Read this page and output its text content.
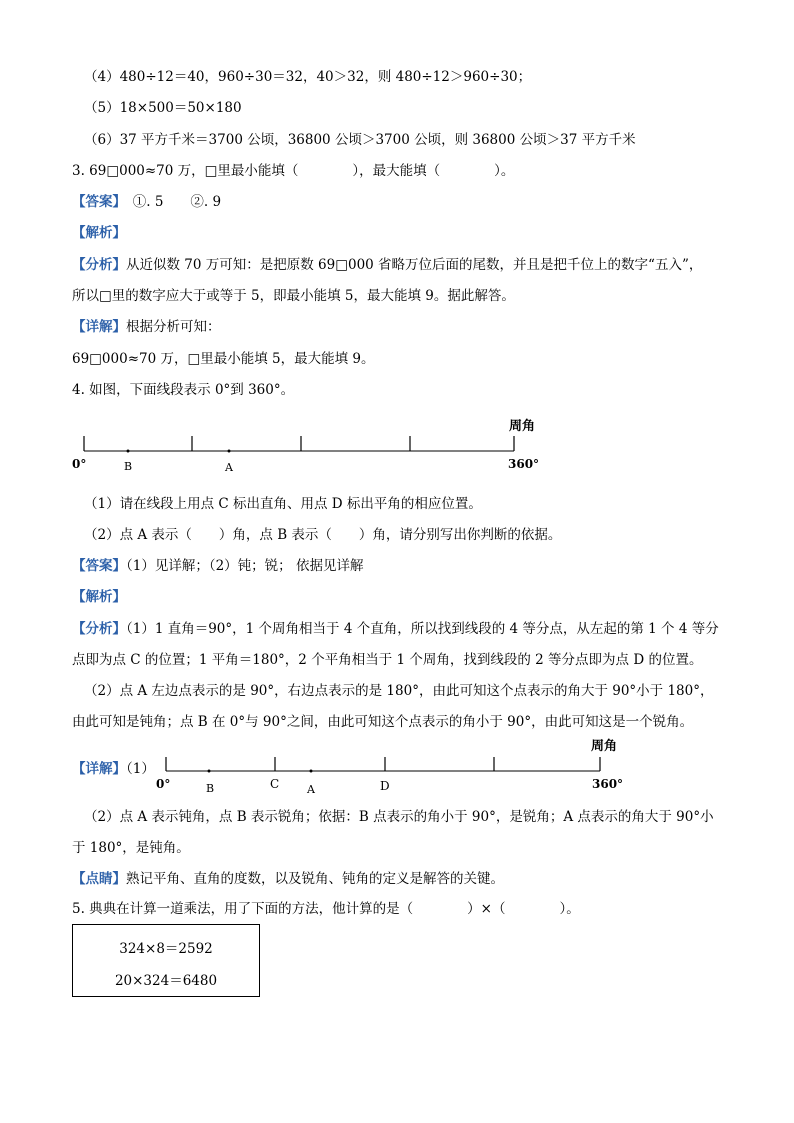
（4）480÷12＝40，960÷30＝32，40＞32，则 480÷12＞960÷30；
（5）18×500＝50×180
（6）37 平方千米＝3700 公顷，36800 公顷＞3700 公顷，则 36800 公顷＞37 平方千米
3. 69□000≈70 万，□里最小能填（　　　　），最大能填（　　　　）。
【答案】　①. 5　　②. 9
【解析】
【分析】从近似数 70 万可知：是把原数 69□000 省略万位后面的尾数，并且是把千位上的数字“五入”，
所以□里的数字应大于或等于 5，即最小能填 5，最大能填 9。据此解答。
【详解】根据分析可知：
69□000≈70 万，□里最小能填 5，最大能填 9。
4. 如图，下面线段表示 0°到 360°。
0°	360°
周角
B	A
（1）请在线段上用点 C 标出直角、用点 D 标出平角的相应位置。
（2）点 A 表示（　　）角，点 B 表示（　　）角，请分别写出你判断的依据。
【答案】（1）见详解；（2）钝；锐； 依据见详解
【解析】
【分析】（1）1 直角＝90°，1 个周角相当于 4 个直角，所以找到线段的 4 等分点，从左起的第 1 个 4 等分
点即为点 C 的位置；1 平角＝180°，2 个平角相当于 1 个周角，找到线段的 2 等分点即为点 D 的位置。
（2）点 A 左边点表示的是 90°，右边点表示的是 180°，由此可知这个点表示的角大于 90°小于 180°，
由此可知是钝角；点 B 在 0°与 90°之间，由此可知这个点表示的角小于 90°，由此可知这是一个锐角。
【详解】（1）
0°	360°
周角
B	C	A	D
（2）点 A 表示钝角，点 B 表示锐角；依据：B 点表示的角小于 90°，是锐角；A 点表示的角大于 90°小
于 180°，是钝角。
【点睛】熟记平角、直角的度数，以及锐角、钝角的定义是解答的关键。
5. 典典在计算一道乘法，用了下面的方法，他计算的是（　　　　）×（　　　　）。
324×8＝2592
20×324＝6480
